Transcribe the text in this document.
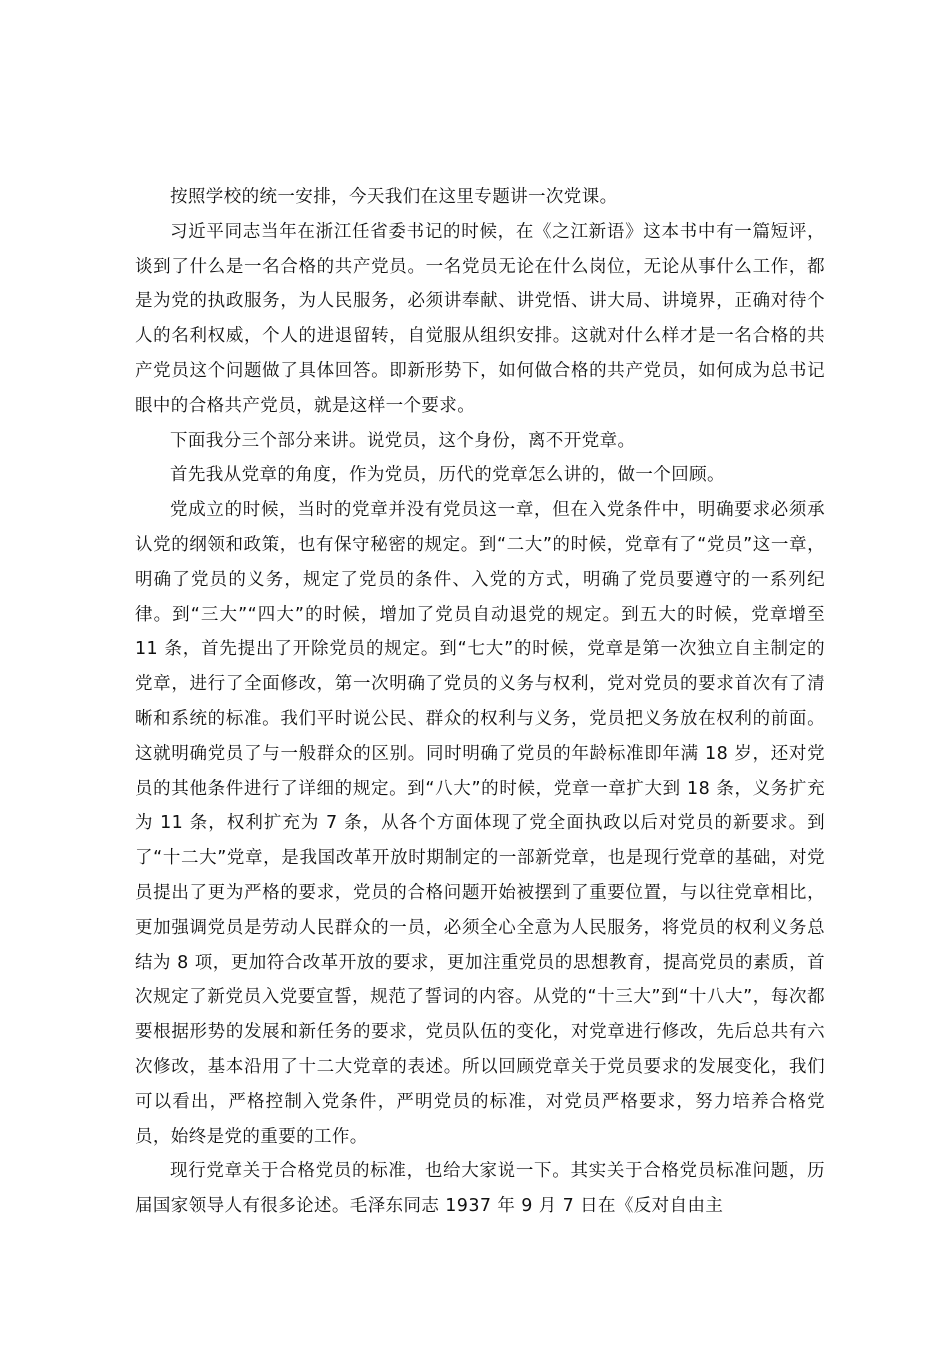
按照学校的统一安排，今天我们在这里专题讲一次党课。

习近平同志当年在浙江任省委书记的时候，在《之江新语》这本书中有一篇短评，谈到了什么是一名合格的共产党员。一名党员无论在什么岗位，无论从事什么工作，都是为党的执政服务，为人民服务，必须讲奉献、讲党悟、讲大局、讲境界，正确对待个人的名利权威，个人的进退留转，自觉服从组织安排。这就对什么样才是一名合格的共产党员这个问题做了具体回答。即新形势下，如何做合格的共产党员，如何成为总书记眼中的合格共产党员，就是这样一个要求。

下面我分三个部分来讲。说党员，这个身份，离不开党章。

首先我从党章的角度，作为党员，历代的党章怎么讲的，做一个回顾。

党成立的时候，当时的党章并没有党员这一章，但在入党条件中，明确要求必须承认党的纲领和政策，也有保守秘密的规定。到“二大”的时候，党章有了“党员”这一章，明确了党员的义务，规定了党员的条件、入党的方式，明确了党员要遵守的一系列纪律。到“三大”“四大”的时候，增加了党员自动退党的规定。到五大的时候，党章增至 11 条，首先提出了开除党员的规定。到“七大”的时候，党章是第一次独立自主制定的党章，进行了全面修改，第一次明确了党员的义务与权利，党对党员的要求首次有了清晰和系统的标准。我们平时说公民、群众的权利与义务，党员把义务放在权利的前面。这就明确党员了与一般群众的区别。同时明确了党员的年龄标准即年满 18 岁，还对党员的其他条件进行了详细的规定。到“八大”的时候，党章一章扩大到 18 条，义务扩充为 11 条，权利扩充为 7 条，从各个方面体现了党全面执政以后对党员的新要求。到了“十二大”党章，是我国改革开放时期制定的一部新党章，也是现行党章的基础，对党员提出了更为严格的要求，党员的合格问题开始被摆到了重要位置，与以往党章相比，更加强调党员是劳动人民群众的一员，必须全心全意为人民服务，将党员的权利义务总结为 8 项，更加符合改革开放的要求，更加注重党员的思想教育，提高党员的素质，首次规定了新党员入党要宣誓，规范了誓词的内容。从党的“十三大”到“十八大”，每次都要根据形势的发展和新任务的要求，党员队伍的变化，对党章进行修改，先后总共有六次修改，基本沿用了十二大党章的表述。所以回顾党章关于党员要求的发展变化，我们可以看出，严格控制入党条件，严明党员的标准，对党员严格要求，努力培养合格党员，始终是党的重要的工作。

现行党章关于合格党员的标准，也给大家说一下。其实关于合格党员标准问题，历届国家领导人有很多论述。毛泽东同志 1937 年 9 月 7 日在《反对自由主
